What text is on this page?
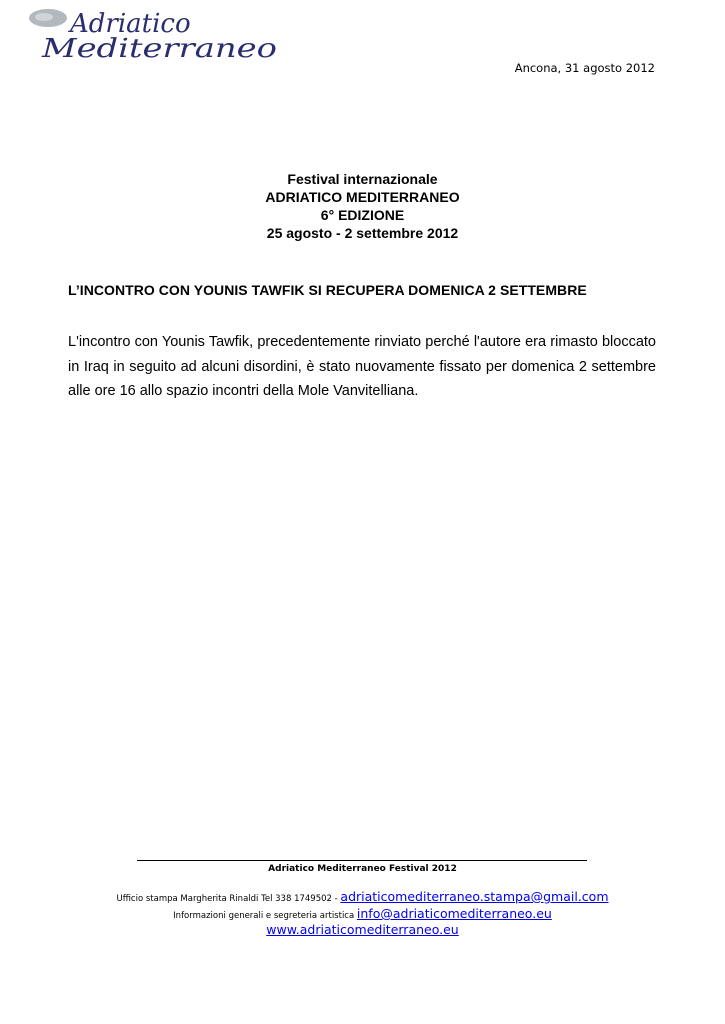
Adriatico
Mediterraneo
Ancona, 31 agosto 2012
Festival internazionale
ADRIATICO MEDITERRANEO
6° EDIZIONE
25 agosto - 2 settembre 2012
L’INCONTRO CON YOUNIS TAWFIK SI RECUPERA DOMENICA 2 SETTEMBRE
L'incontro con Younis Tawfik, precedentemente rinviato perché l'autore era rimasto bloccato in Iraq in seguito ad alcuni disordini, è stato nuovamente fissato per domenica 2 settembre alle ore 16 allo spazio incontri della Mole Vanvitelliana.
Adriatico Mediterraneo Festival 2012
Ufficio stampa Margherita Rinaldi Tel 338 1749502 - adriaticomediterraneo.stampa@gmail.com
Informazioni generali e segreteria artistica info@adriaticomediterraneo.eu
www.adriaticomediterraneo.eu
